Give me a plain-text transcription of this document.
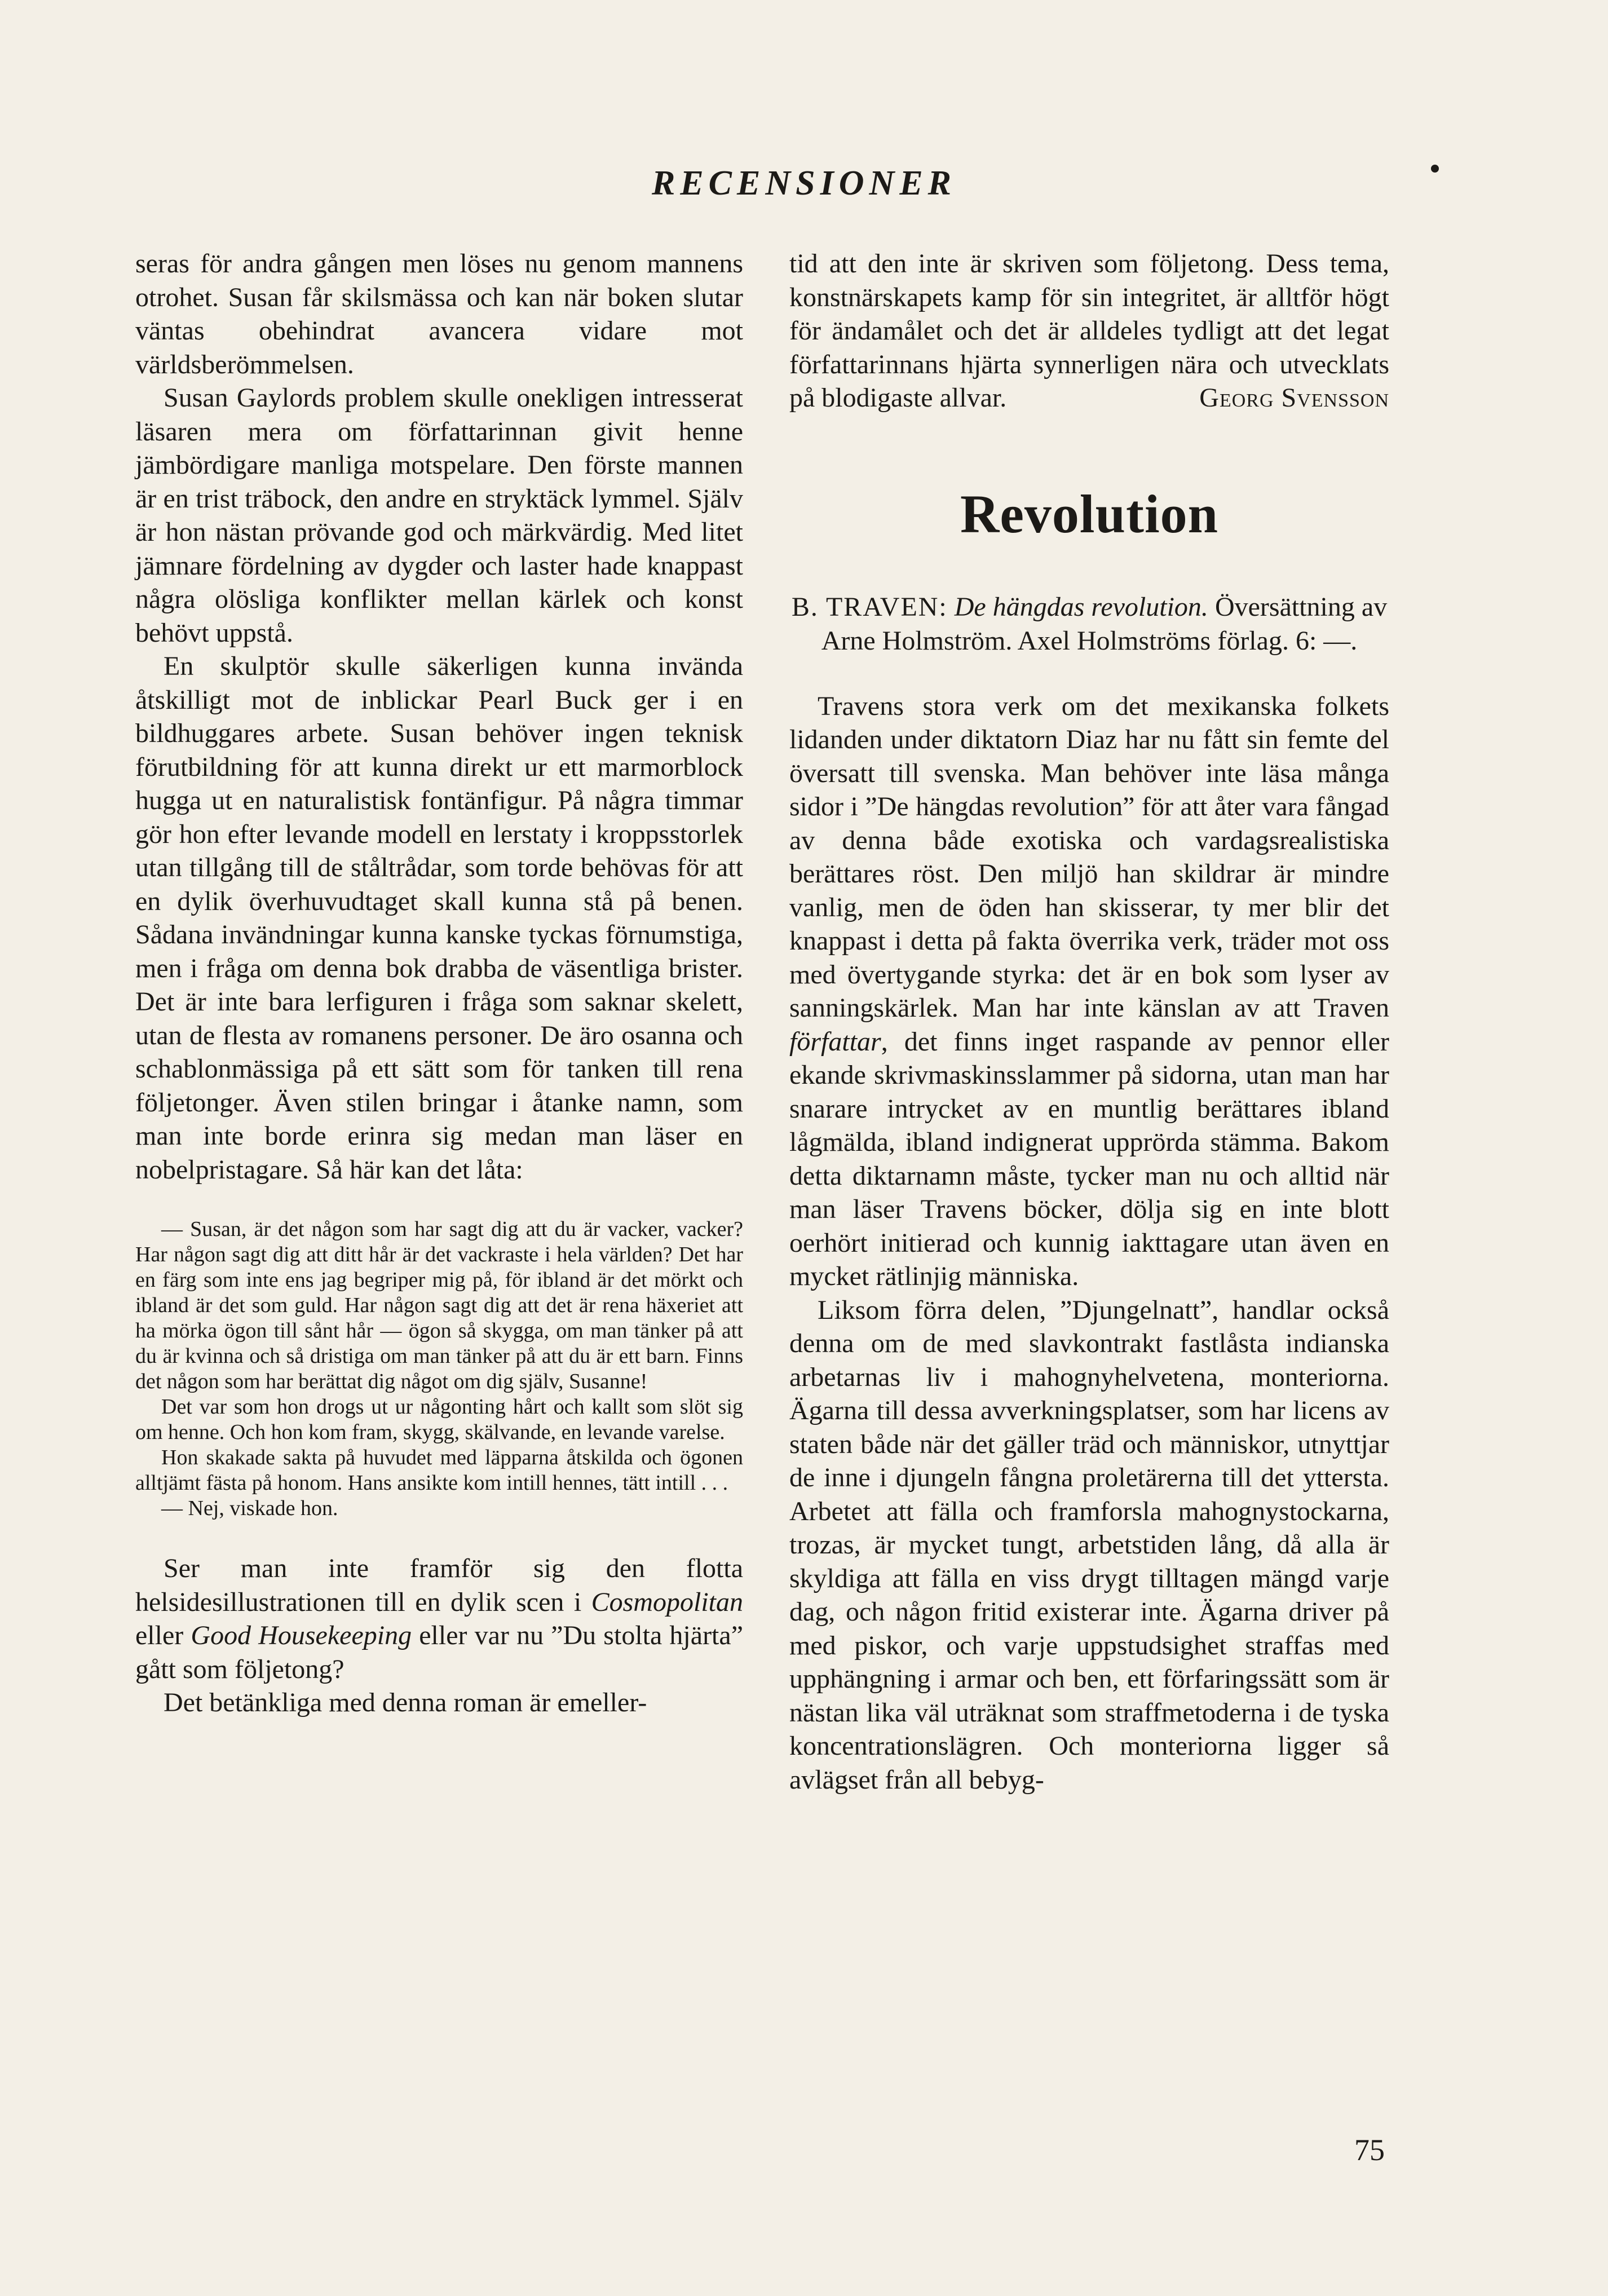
RECENSIONER

seras för andra gången men löses nu genom mannens otrohet. Susan får skilsmässa och kan när boken slutar väntas obehindrat avancera vidare mot världsberömmelsen.

Susan Gaylords problem skulle onekligen intresserat läsaren mera om författarinnan givit henne jämbördigare manliga motspelare. Den förste mannen är en trist träbock, den andre en stryktäck lymmel. Själv är hon nästan prövande god och märkvärdig. Med litet jämnare fördelning av dygder och laster hade knappast några olösliga konflikter mellan kärlek och konst behövt uppstå.

En skulptör skulle säkerligen kunna invända åtskilligt mot de inblickar Pearl Buck ger i en bildhuggares arbete. Susan behöver ingen teknisk förutbildning för att kunna direkt ur ett marmorblock hugga ut en naturalistisk fontänfigur. På några timmar gör hon efter levande modell en lerstaty i kroppsstorlek utan tillgång till de ståltrådar, som torde behövas för att en dylik överhuvudtaget skall kunna stå på benen. Sådana invändningar kunna kanske tyckas förnumstiga, men i fråga om denna bok drabba de väsentliga brister. Det är inte bara lerfiguren i fråga som saknar skelett, utan de flesta av romanens personer. De äro osanna och schablonmässiga på ett sätt som för tanken till rena följetonger. Även stilen bringar i åtanke namn, som man inte borde erinra sig medan man läser en nobelpristagare. Så här kan det låta:

— Susan, är det någon som har sagt dig att du är vacker, vacker? Har någon sagt dig att ditt hår är det vackraste i hela världen? Det har en färg som inte ens jag begriper mig på, för ibland är det mörkt och ibland är det som guld. Har någon sagt dig att det är rena häxeriet att ha mörka ögon till sånt hår — ögon så skygga, om man tänker på att du är kvinna och så dristiga om man tänker på att du är ett barn. Finns det någon som har berättat dig något om dig själv, Susanne!

Det var som hon drogs ut ur någonting hårt och kallt som slöt sig om henne. Och hon kom fram, skygg, skälvande, en levande varelse.

Hon skakade sakta på huvudet med läpparna åtskilda och ögonen alltjämt fästa på honom. Hans ansikte kom intill hennes, tätt intill . . .

— Nej, viskade hon.

Ser man inte framför sig den flotta helsidesillustrationen till en dylik scen i Cosmopolitan eller Good Housekeeping eller var nu ”Du stolta hjärta” gått som följetong?

Det betänkliga med denna roman är emeller-

tid att den inte är skriven som följetong. Dess tema, konstnärskapets kamp för sin integritet, är alltför högt för ändamålet och det är alldeles tydligt att det legat författarinnans hjärta synnerligen nära och utvecklats på blodigaste allvar.	Georg Svensson

Revolution
B. TRAVEN: De hängdas revolution. Översättning av Arne Holmström. Axel Holmströms förlag. 6: —.

Travens stora verk om det mexikanska folkets lidanden under diktatorn Diaz har nu fått sin femte del översatt till svenska. Man behöver inte läsa många sidor i ”De hängdas revolution” för att åter vara fångad av denna både exotiska och vardagsrealistiska berättares röst. Den miljö han skildrar är mindre vanlig, men de öden han skisserar, ty mer blir det knappast i detta på fakta överrika verk, träder mot oss med övertygande styrka: det är en bok som lyser av sanningskärlek. Man har inte känslan av att Traven författar, det finns inget raspande av pennor eller ekande skrivmaskinsslammer på sidorna, utan man har snarare intrycket av en muntlig berättares ibland lågmälda, ibland indignerat upprörda stämma. Bakom detta diktarnamn måste, tycker man nu och alltid när man läser Travens böcker, dölja sig en inte blott oerhört initierad och kunnig iakttagare utan även en mycket rätlinjig människa.

Liksom förra delen, ”Djungelnatt”, handlar också denna om de med slavkontrakt fastlåsta indianska arbetarnas liv i mahognyhelvetena, monteriorna. Ägarna till dessa avverkningsplatser, som har licens av staten både när det gäller träd och människor, utnyttjar de inne i djungeln fångna proletärerna till det yttersta. Arbetet att fälla och framforsla mahognystockarna, trozas, är mycket tungt, arbetstiden lång, då alla är skyldiga att fälla en viss drygt tilltagen mängd varje dag, och någon fritid existerar inte. Ägarna driver på med piskor, och varje uppstudsighet straffas med upphängning i armar och ben, ett förfaringssätt som är nästan lika väl uträknat som straffmetoderna i de tyska koncentrationslägren. Och monteriorna ligger så avlägset från all bebyg-

75
